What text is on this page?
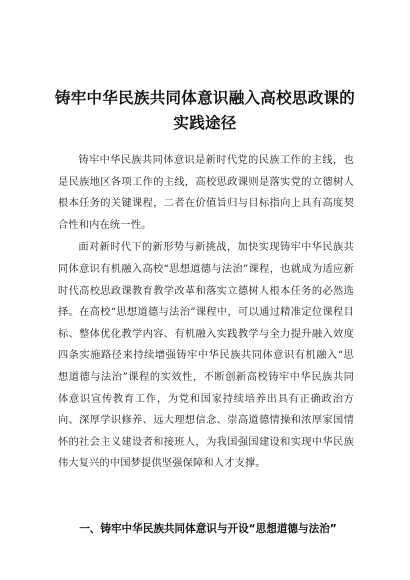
铸牢中华民族共同体意识融入高校思政课的
实践途径

铸牢中华民族共同体意识是新时代党的民族工作的主线，也是民族地区各项工作的主线，高校思政课则是落实党的立德树人根本任务的关键课程，二者在价值旨归与目标指向上具有高度契合性和内在统一性。

面对新时代下的新形势与新挑战，加快实现铸牢中华民族共同体意识有机融入高校“思想道德与法治”课程，也就成为适应新时代高校思政课教育教学改革和落实立德树人根本任务的必然选择。在高校“思想道德与法治”课程中，可以通过精准定位课程目标、整体优化教学内容、有机融入实践教学与全力提升融入效度四条实施路径来持续增强铸牢中华民族共同体意识有机融入“思想道德与法治”课程的实效性，不断创新高校铸牢中华民族共同体意识宣传教育工作，为党和国家持续培养出具有正确政治方向、深厚学识修养、远大理想信念、崇高道德情操和浓厚家国情怀的社会主义建设者和接班人，为我国强国建设和实现中华民族伟大复兴的中国梦提供坚强保障和人才支撑。

一、铸牢中华民族共同体意识与开设“思想道德与法治”
